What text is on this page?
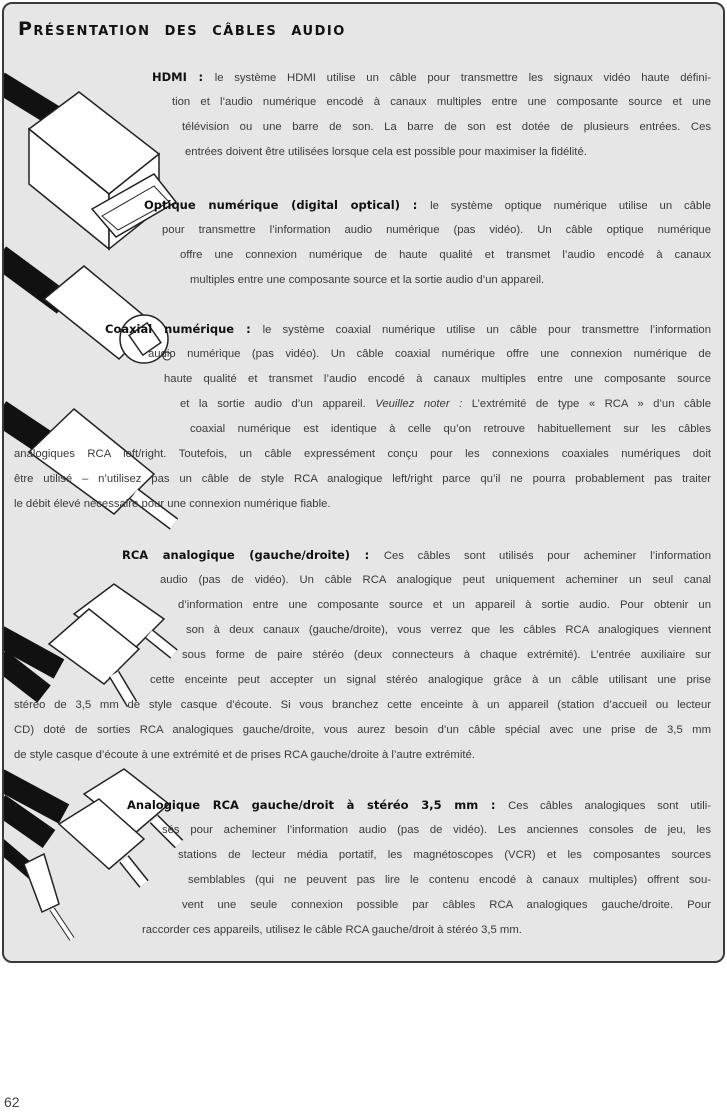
Présentation des câbles audio
HDMI : le système HDMI utilise un câble pour transmettre les signaux vidéo haute défini-
tion et l’audio numérique encodé à canaux multiples entre une composante source et une
télévision ou une barre de son. La barre de son est dotée de plusieurs entrées. Ces
entrées doivent être utilisées lorsque cela est possible pour maximiser la fidélité.
Optique numérique (digital optical) : le système optique numérique utilise un câble
pour transmettre l’information audio numérique (pas vidéo). Un câble optique numérique
offre une connexion numérique de haute qualité et transmet l’audio encodé à canaux
multiples entre une composante source et la sortie audio d’un appareil.
Coaxial numérique : le système coaxial numérique utilise un câble pour transmettre l’information
audio numérique (pas vidéo). Un câble coaxial numérique offre une connexion numérique de
haute qualité et transmet l’audio encodé à canaux multiples entre une composante source
et la sortie audio d’un appareil. Veuillez noter : L’extrémité de type « RCA » d’un câble
coaxial numérique est identique à celle qu’on retrouve habituellement sur les câbles
analogiques RCA left/right. Toutefois, un câble expressément conçu pour les connexions coaxiales numériques doit
être utilisé – n’utilisez pas un câble de style RCA analogique left/right parce qu’il ne pourra probablement pas traiter
le débit élevé nécessaire pour une connexion numérique fiable.
RCA analogique (gauche/droite) : Ces câbles sont utilisés pour acheminer l’information
audio (pas de vidéo). Un câble RCA analogique peut uniquement acheminer un seul canal
d’information entre une composante source et un appareil à sortie audio. Pour obtenir un
son à deux canaux (gauche/droite), vous verrez que les câbles RCA analogiques viennent
sous forme de paire stéréo (deux connecteurs à chaque extrémité). L’entrée auxiliaire sur
cette enceinte peut accepter un signal stéréo analogique grâce à un câble utilisant une prise
stéréo de 3,5 mm de style casque d’écoute. Si vous branchez cette enceinte à un appareil (station d’accueil ou lecteur
CD) doté de sorties RCA analogiques gauche/droite, vous aurez besoin d’un câble spécial avec une prise de 3,5 mm
de style casque d’écoute à une extrémité et de prises RCA gauche/droite à l’autre extrémité.
Analogique RCA gauche/droit à stéréo 3,5 mm : Ces câbles analogiques sont utili-
sés pour acheminer l’information audio (pas de vidéo). Les anciennes consoles de jeu, les
stations de lecteur média portatif, les magnétoscopes (VCR) et les composantes sources
semblables (qui ne peuvent pas lire le contenu encodé à canaux multiples) offrent sou-
vent une seule connexion possible par câbles RCA analogiques gauche/droite. Pour
raccorder ces appareils, utilisez le câble RCA gauche/droit à stéréo 3,5 mm.
62
